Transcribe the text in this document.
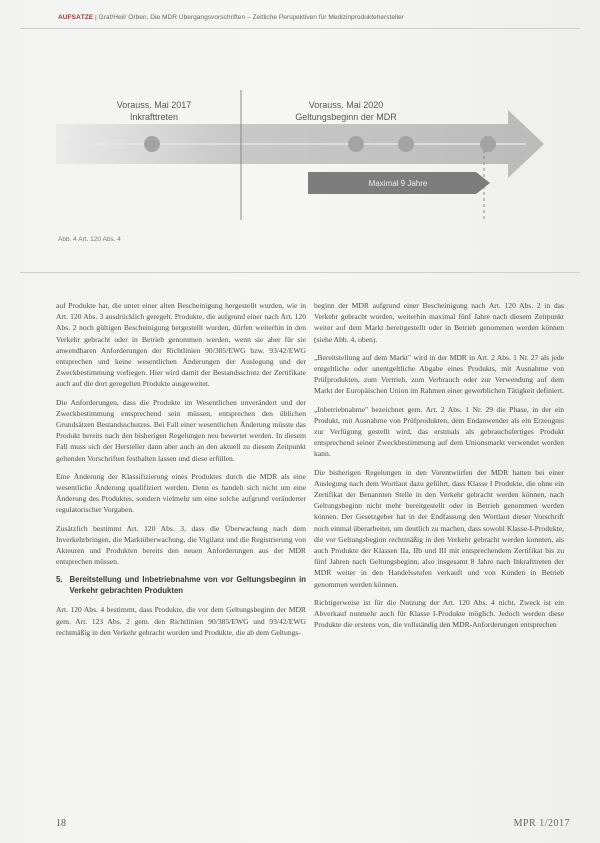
AUFSÄTZE | Graf/Heil/ Orben, Die MDR Übergangsvorschriften – Zeitliche Perspektiven für Medizinproduktehersteller
Vorauss. Mai 2017
Inkrafttreten
Vorauss. Mai 2020
Geltungsbeginn der MDR
Maximal 9 Jahre
Abb. 4 Art. 120 Abs. 4

auf Produkte hat, die unter einer alten Bescheinigung hergestellt wurden, wie in Art. 120 Abs. 3 ausdrücklich geregelt. Produkte, die aufgrund einer nach Art. 120 Abs. 2 noch gültigen Bescheinigung hergestellt wurden, dürfen weiterhin in den Verkehr gebracht oder in Betrieb genommen werden, wenn sie aber für sie anwendbaren Anforderungen der Richtlinien 90/385/EWG bzw. 93/42/EWG entsprechen und keine wesentlichen Änderungen der Auslegung und der Zweckbestimmung vorliegen. Hier wird damit der Bestandsschutz der Zertifikate auch auf die dort geregelten Produkte ausgeweitet.

Die Anforderungen, dass die Produkte im Wesentlichen unverändert und der Zweckbestimmung entsprechend sein müssen, entsprechen den üblichen Grundsätzen Bestandsschutzes. Bei Fall einer wesentlichen Änderung müsste das Produkt bereits nach den bisherigen Regelungen neu bewertet werden. In diesem Fall muss sich der Hersteller dann aber auch an den aktuell zu diesem Zeitpunkt geltenden Vorschriften festhalten lassen und diese erfüllen.

Eine Änderung der Klassifizierung eines Produktes durch die MDR als eine wesentliche Änderung qualifiziert werden. Denn es handelt sich nicht um eine Änderung des Produktes, sondern vielmehr um eine solche aufgrund veränderter regulatorischer Vorgaben.

Zusätzlich bestimmt Art. 120 Abs. 3, dass die Überwachung nach dem Inverkehrbringen, die Marktüberwachung, die Vigilanz und die Registrierung von Akteuren und Produkten bereits den neuen Anforderungen aus der MDR entsprechen müssen.

5. Bereitstellung und Inbetriebnahme von vor Geltungsbeginn in Verkehr gebrachten Produkten

Art. 120 Abs. 4 bestimmt, dass Produkte, die vor dem Geltungsbeginn der MDR gem. Art. 123 Abs. 2 gem. den Richtlinien 90/385/EWG und 93/42/EWG rechtmäßig in den Verkehr gebracht wurden und Produkte, die ab dem Geltungs-

beginn der MDR aufgrund einer Bescheinigung nach Art. 120 Abs. 2 in das Verkehr gebracht wurden, weiterhin maximal fünf Jahre nach diesem Zeitpunkt weiter auf dem Markt bereitgestellt oder in Betrieb genommen werden können (siehe Abb. 4, oben).

„Bereitstellung auf dem Markt" wird in der MDR in Art. 2 Abs. 1 Nr. 27 als jede entgeltliche oder unentgeltliche Abgabe eines Produkts, mit Ausnahme von Prüfprodukten, zum Vertrieb, zum Verbrauch oder zur Verwendung auf dem Markt der Europäischen Union im Rahmen einer gewerblichen Tätigkeit definiert.

„Inbetriebnahme" bezeichnet gem. Art. 2 Abs. 1 Nr. 29 die Phase, in der ein Produkt, mit Ausnahme von Prüfprodukten, dem Endanwender als ein Erzeugnis zur Verfügung gestellt wird, das erstmals als gebrauchsfertiges Produkt entsprechend seiner Zweckbestimmung auf dem Unionsmarkt verwendet werden kann.

Die bisherigen Regelungen in den Vorentwürfen der MDR hatten bei einer Auslegung nach dem Wortlaut dazu geführt, dass Klasse I Produkte, die ohne ein Zertifikat der Benannten Stelle in den Verkehr gebracht werden können, nach Geltungsbeginn nicht mehr bereitgestellt oder in Betrieb genommen werden können. Der Gesetzgeber hat in der Endfassung den Wortlaut dieser Vorschrift noch einmal überarbeitet, um deutlich zu machen, dass sowohl Klasse-I-Produkte, die vor Geltungsbeginn rechtmäßig in den Verkehr gebracht werden konnten, als auch Produkte der Klassen IIa, IIb und III mit entsprechendem Zertifikat bis zu fünf Jahren nach Geltungsbeginn, also insgesamt 8 Jahre nach Inkrafttreten der MDR weiter in den Handelsstufen verkauft und von Kunden in Betrieb genommen werden können.

Richtigerweise ist für die Nutzung der Art. 120 Abs. 4 nicht, Zweck ist ein Abverkauf nunmehr auch für Klasse I-Produkte möglich. Jedoch werden diese Produkte die erstens von, die vollständig den MDR-Anforderungen entsprechen

18	MPR 1/2017
